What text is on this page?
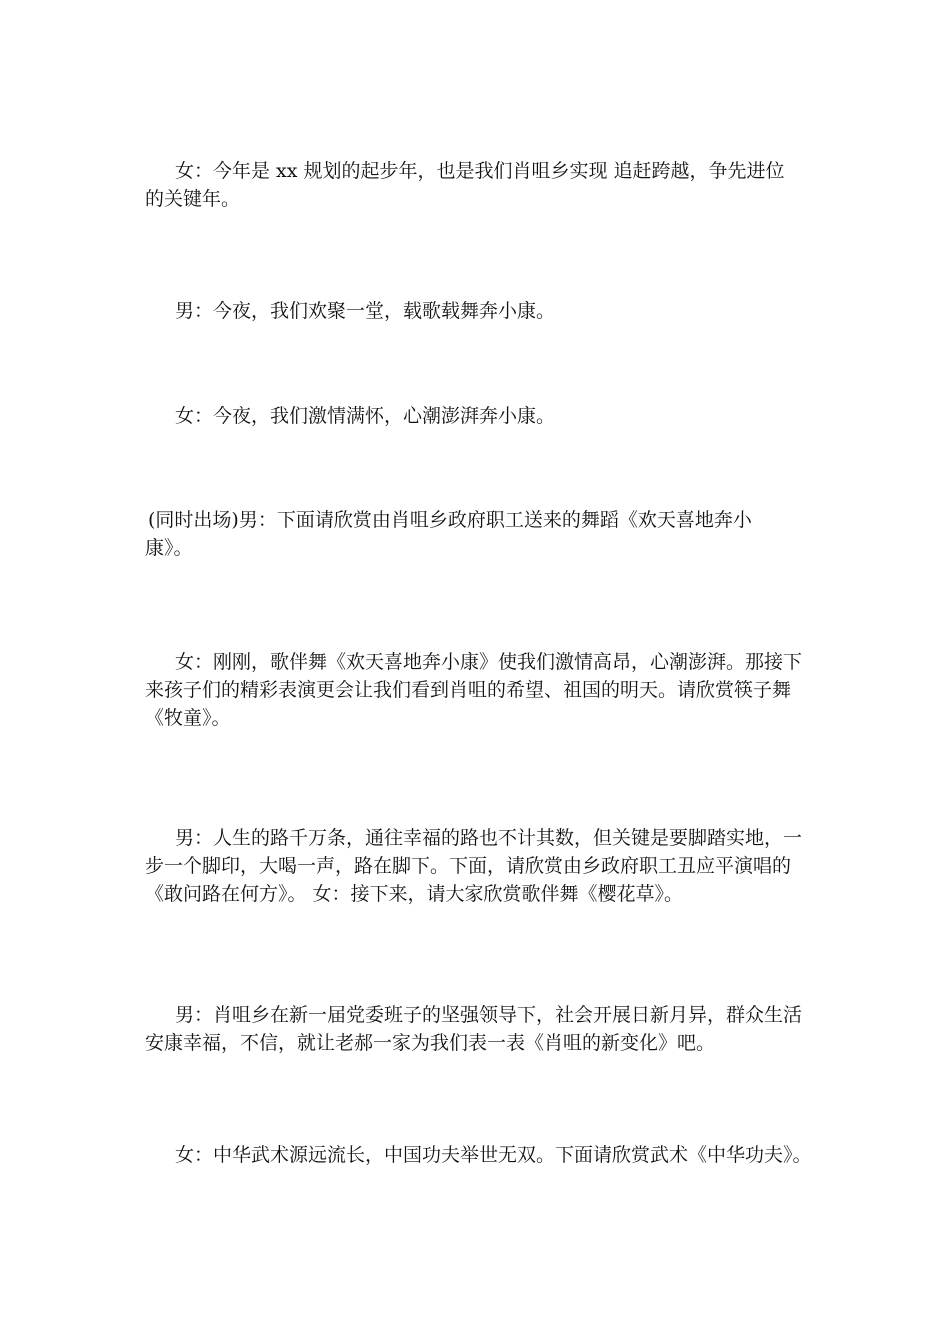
女：今年是 xx 规划的起步年，也是我们肖咀乡实现 追赶跨越，争先进位
的关键年。
男：今夜，我们欢聚一堂，载歌载舞奔小康。
女：今夜，我们激情满怀，心潮澎湃奔小康。
(同时出场)男：下面请欣赏由肖咀乡政府职工送来的舞蹈《欢天喜地奔小
康》。
女：刚刚，歌伴舞《欢天喜地奔小康》使我们激情高昂，心潮澎湃。那接下
来孩子们的精彩表演更会让我们看到肖咀的希望、祖国的明天。请欣赏筷子舞
《牧童》。
男：人生的路千万条，通往幸福的路也不计其数，但关键是要脚踏实地，一
步一个脚印，大喝一声，路在脚下。下面，请欣赏由乡政府职工丑应平演唱的
《敢问路在何方》。 女：接下来，请大家欣赏歌伴舞《樱花草》。
男：肖咀乡在新一届党委班子的坚强领导下，社会开展日新月异，群众生活
安康幸福，不信，就让老郝一家为我们表一表《肖咀的新变化》吧。
女：中华武术源远流长，中国功夫举世无双。下面请欣赏武术《中华功夫》。
